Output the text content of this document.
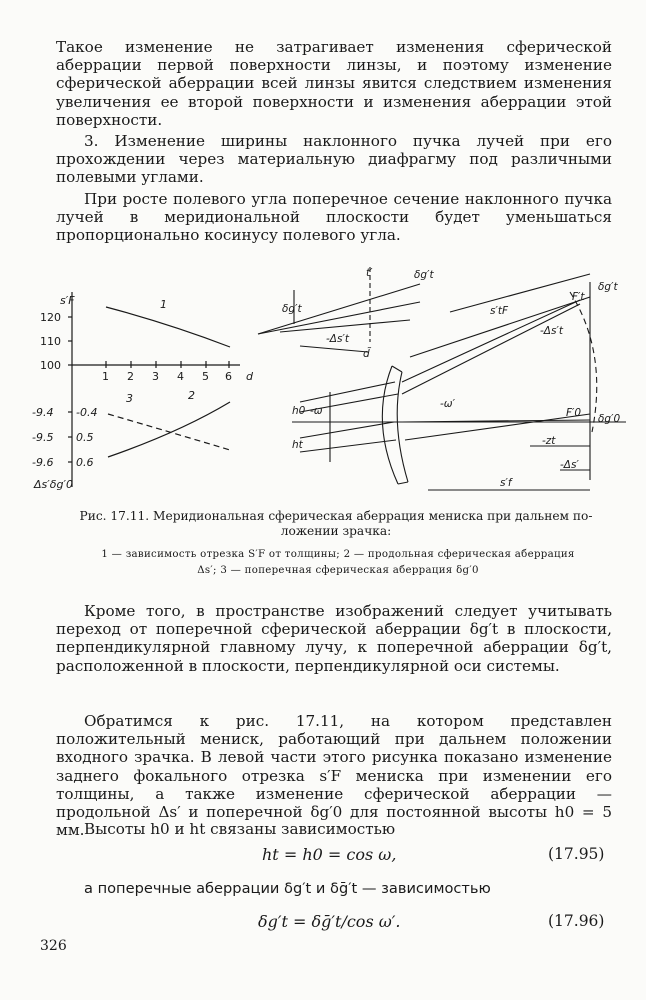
Такое изменение не затрагивает изменения сферической аберрации первой поверхности линзы, и поэтому изменение сферической аберрации всей линзы явится следствием изменения увеличения ее второй поверхности и изменения аберрации этой поверхности.

3. Изменение ширины наклонного пучка лучей при его прохождении через материальную диафрагму под различными полевыми углами.

При росте полевого угла поперечное сечение наклонного пучка лучей в меридиональной плоскости будет уменьшаться пропорционально косинусу полевого угла.

s′F
120
110
100
1 2 3 4 5 6 d
-9.4
-9.5
-9.6
-0.4
0.5
0.6
1
2
3
Δs′δg′0
δg′t
t′
-Δs′t
δg′t
d̃
-ω′
h0
ht
-ω
s′tF
F′t
δg′t
-Δs′t
F′0 δg′0
-zt
-Δs′
s′f

Рис. 17.11. Меридиональная сферическая аберрация мениска при дальнем по-

ложении зрачка:

1 — зависимость отрезка S′F от толщины; 2 — продольная сферическая аберрация

Δs′; 3 — поперечная сферическая аберрация δg′0

Кроме того, в пространстве изображений следует учитывать переход от поперечной сферической аберрации δg′t в плоскости, перпендикулярной главному лучу, к поперечной аберрации δg′t, расположенной в плоскости, перпендикулярной оси системы.

Обратимся к рис. 17.11, на котором представлен положительный мениск, работающий при дальнем положении входного зрачка. В левой части этого рисунка показано изменение заднего фокального отрезка s′F мениска при изменении его толщины, а также изменение сферической аберрации — продольной Δs′ и поперечной δg′0 для постоянной высоты h0 = 5 мм. Высоты h0 и ht связаны зависимостью

ht = h0 = cos ω,	(17.95)

а поперечные аберрации δg′t и δḡ′t — зависимостью

δg′t = δḡ′t/cos ω′.	(17.96)
326
